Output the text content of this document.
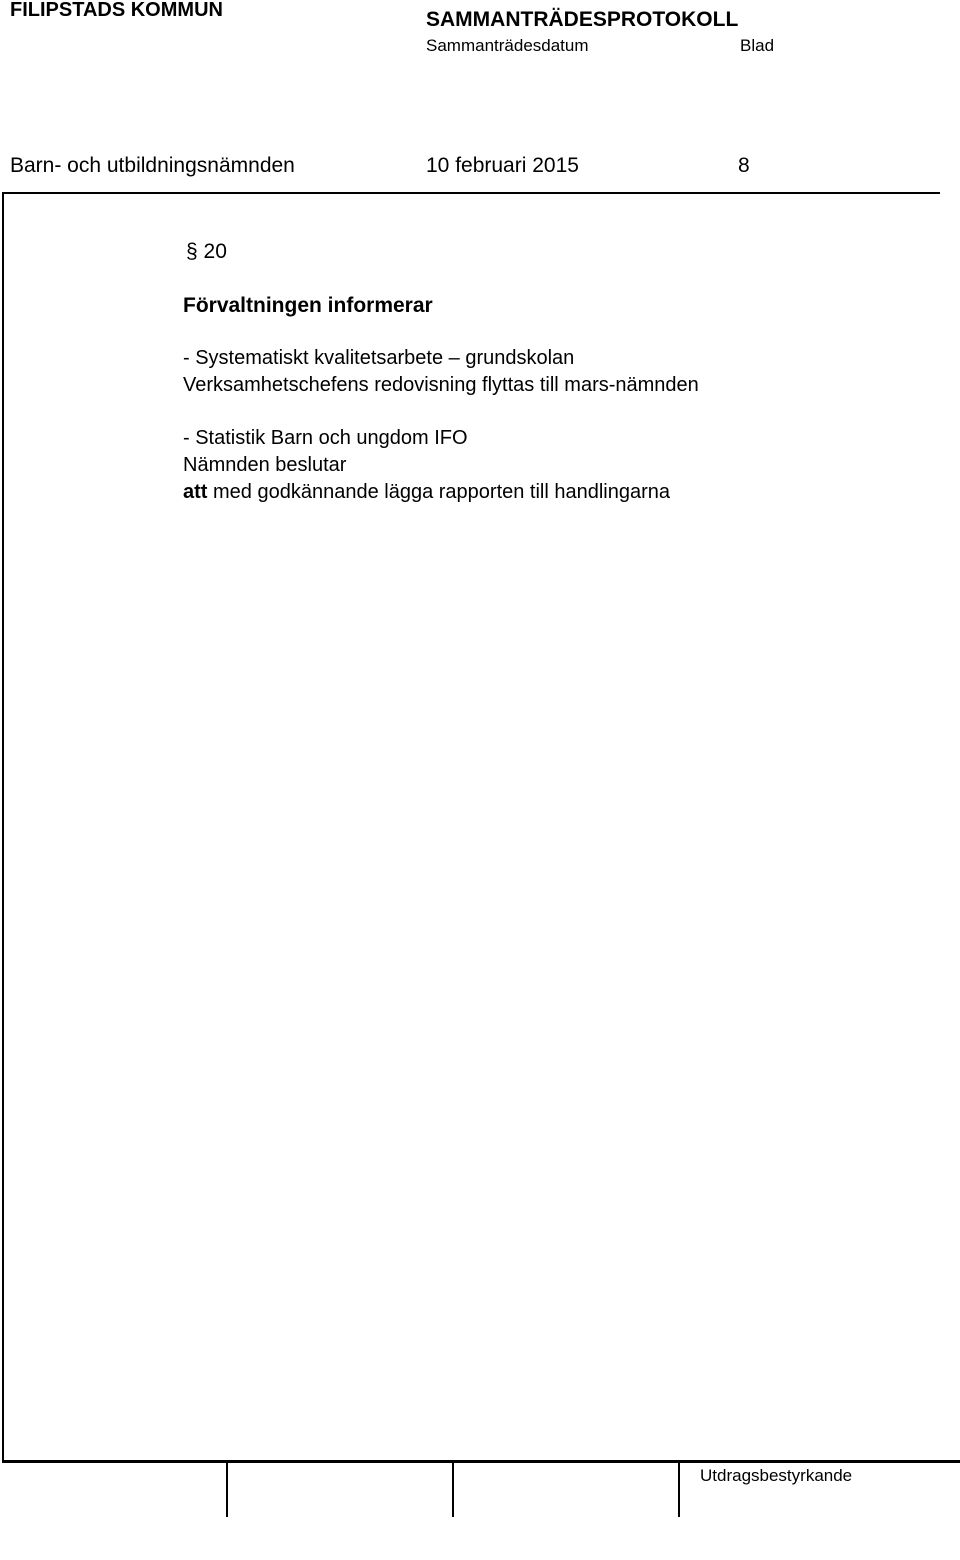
FILIPSTADS KOMMUN	SAMMANTRÄDESPROTOKOLL
Sammanträdesdatum	Blad
Barn- och utbildningsnämnden	10 februari 2015	8
§ 20
Förvaltningen informerar
- Systematiskt kvalitetsarbete – grundskolan
Verksamhetschefens redovisning flyttas till mars-nämnden
- Statistik Barn och ungdom IFO
Nämnden beslutar
att med godkännande lägga rapporten till handlingarna
Utdragsbestyrkande
